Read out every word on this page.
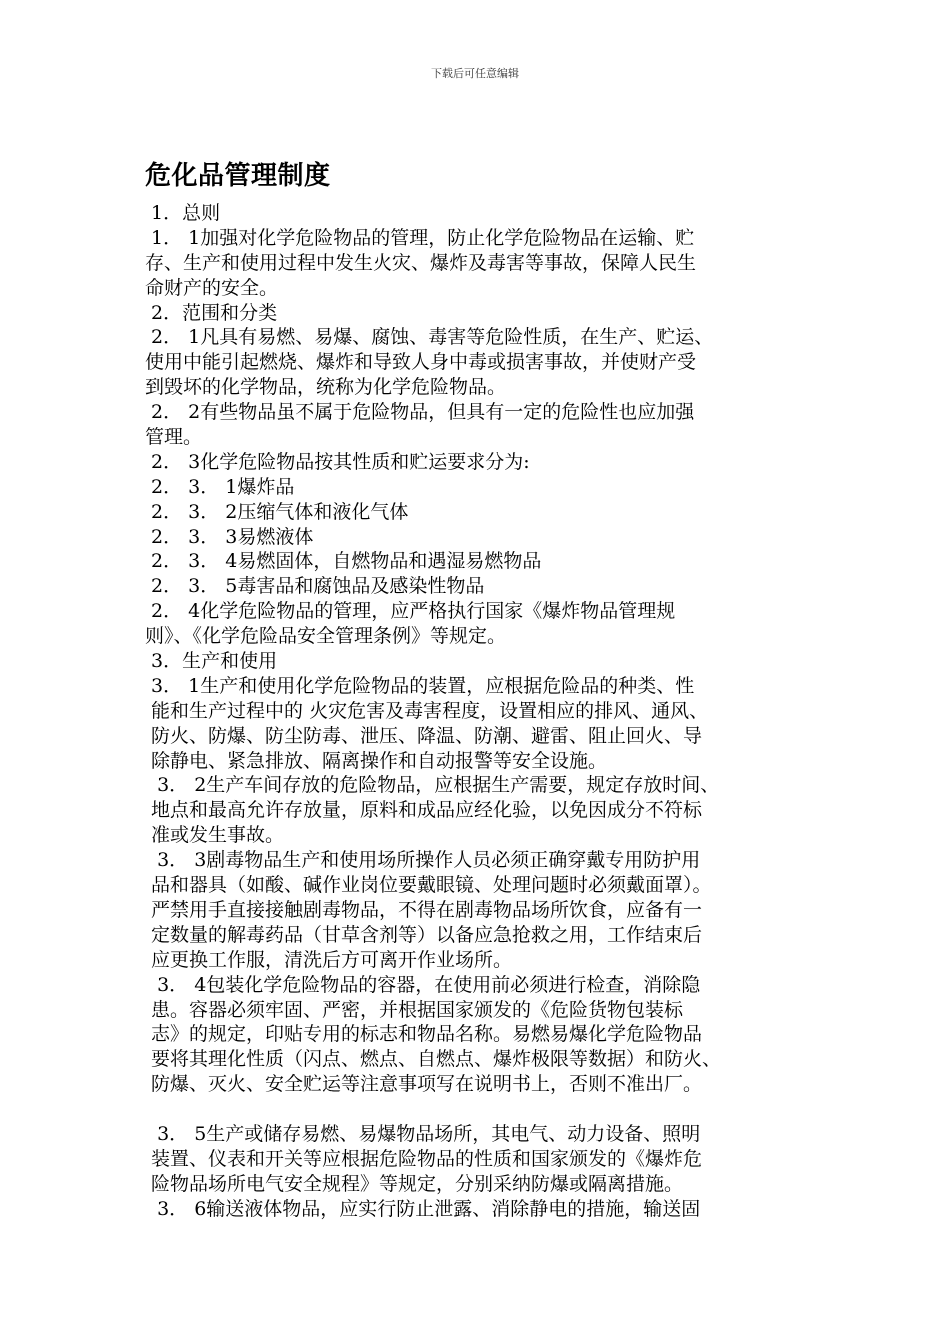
下载后可任意编辑
危化品管理制度
1．总则
1． 1加强对化学危险物品的管理，防止化学危险物品在运输、贮
存、生产和使用过程中发生火灾、爆炸及毒害等事故，保障人民生
命财产的安全。
2．范围和分类
2． 1凡具有易燃、易爆、腐蚀、毒害等危险性质，在生产、贮运、
使用中能引起燃烧、爆炸和导致人身中毒或损害事故，并使财产受
到毁坏的化学物品，统称为化学危险物品。
2． 2有些物品虽不属于危险物品，但具有一定的危险性也应加强
管理。
2． 3化学危险物品按其性质和贮运要求分为:
2． 3． 1爆炸品
2． 3． 2压缩气体和液化气体
2． 3． 3易燃液体
2． 3． 4易燃固体，自燃物品和遇湿易燃物品
2． 3． 5毒害品和腐蚀品及感染性物品
2． 4化学危险物品的管理，应严格执行国家《爆炸物品管理规
则》、《化学危险品安全管理条例》等规定。
3．生产和使用
3． 1生产和使用化学危险物品的装置，应根据危险品的种类、性
能和生产过程中的 火灾危害及毒害程度，设置相应的排风、通风、
防火、防爆、防尘防毒、泄压、降温、防潮、避雷、阻止回火、导
除静电、紧急排放、隔离操作和自动报警等安全设施。
3． 2生产车间存放的危险物品，应根据生产需要，规定存放时间、
地点和最高允许存放量，原料和成品应经化验，以免因成分不符标
准或发生事故。
3． 3剧毒物品生产和使用场所操作人员必须正确穿戴专用防护用
品和器具（如酸、碱作业岗位要戴眼镜、处理问题时必须戴面罩）。
严禁用手直接接触剧毒物品，不得在剧毒物品场所饮食，应备有一
定数量的解毒药品（甘草含剂等）以备应急抢救之用，工作结束后
应更换工作服，清洗后方可离开作业场所。
3． 4包装化学危险物品的容器，在使用前必须进行检查，消除隐
患。容器必须牢固、严密，并根据国家颁发的《危险货物包装标
志》的规定，印贴专用的标志和物品名称。易燃易爆化学危险物品
要将其理化性质（闪点、燃点、自燃点、爆炸极限等数据）和防火、
防爆、灭火、安全贮运等注意事项写在说明书上，否则不准出厂。
3． 5生产或储存易燃、易爆物品场所，其电气、动力设备、照明
装置、仪表和开关等应根据危险物品的性质和国家颁发的《爆炸危
险物品场所电气安全规程》等规定，分别采纳防爆或隔离措施。
3． 6输送液体物品，应实行防止泄露、消除静电的措施，输送固
